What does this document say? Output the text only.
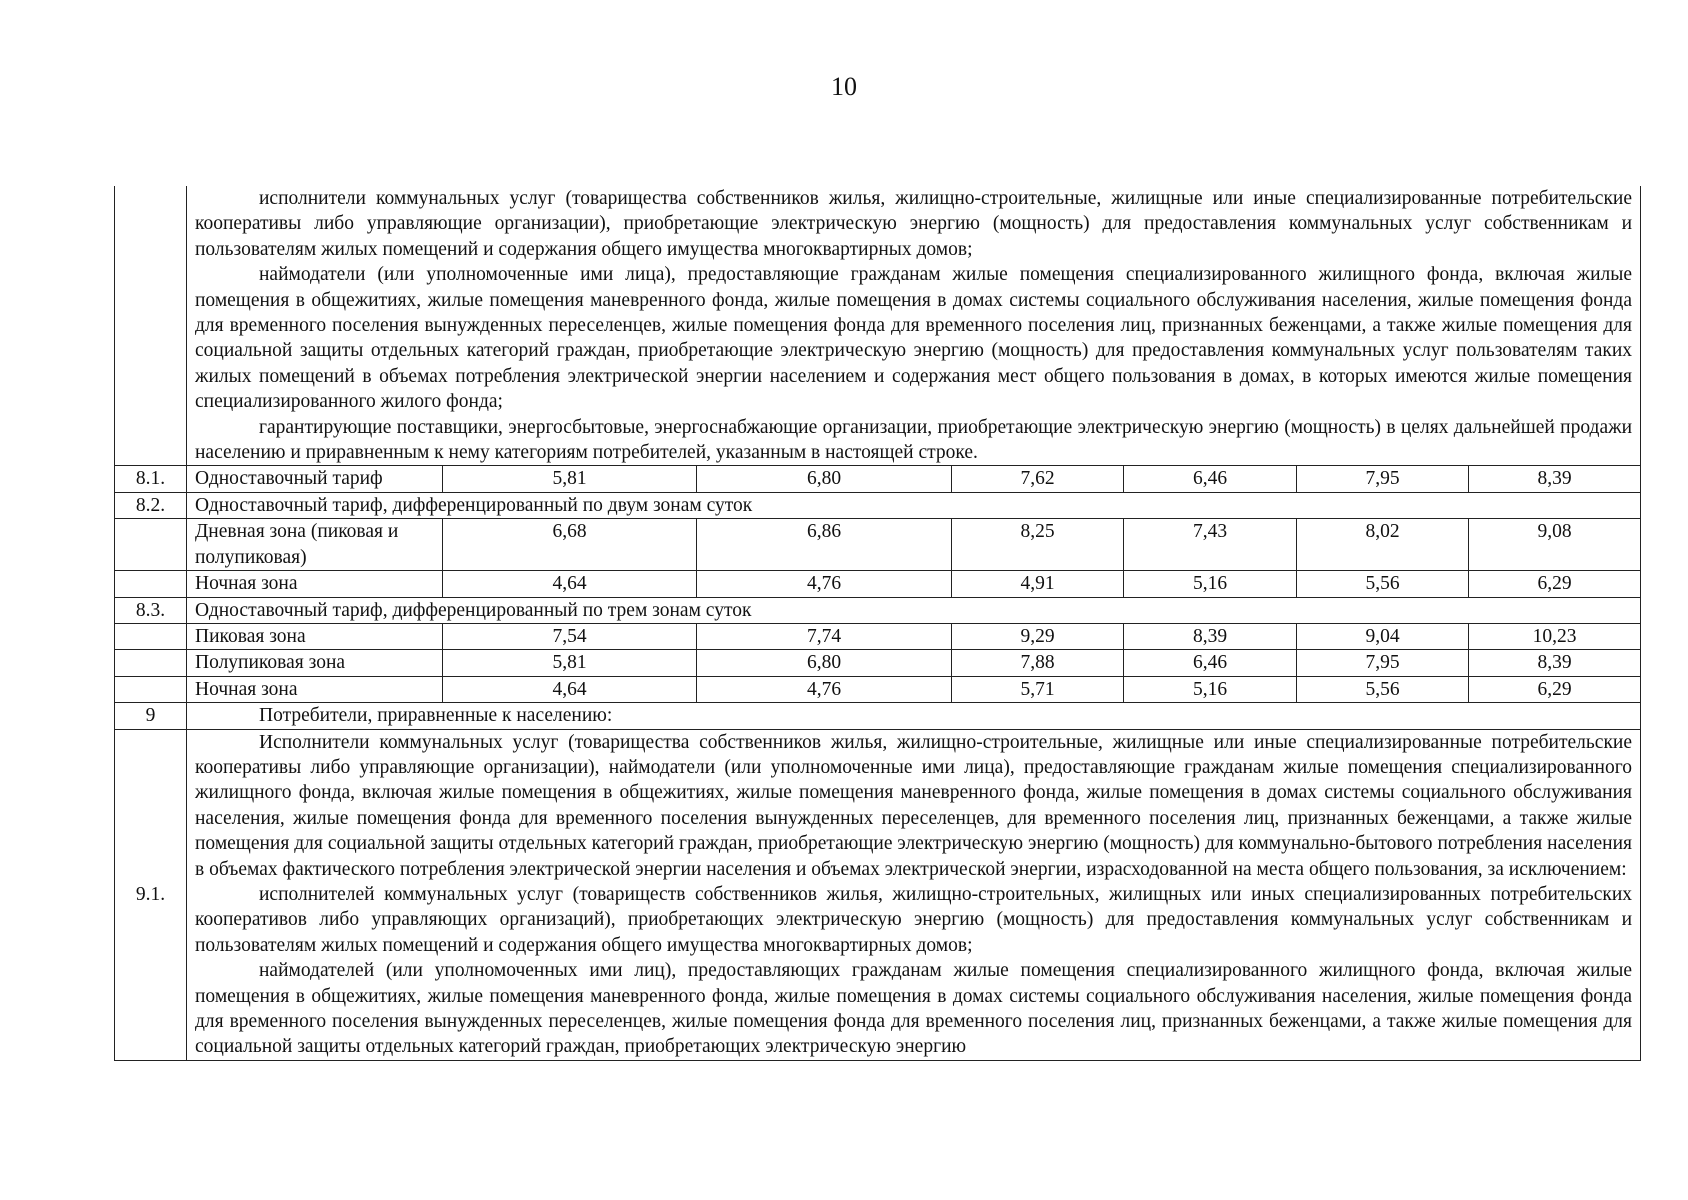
10

	исполнители коммунальных услуг (товарищества собственников жилья, жилищно-строительные, жилищные или иные специализированные потребительские кооперативы либо управляющие организации), приобретающие электрическую энергию (мощность) для предоставления коммунальных услуг собственникам и пользователям жилых помещений и содержания общего имущества многоквартирных домов;

наймодатели (или уполномоченные ими лица), предоставляющие гражданам жилые помещения специализированного жилищного фонда, включая жилые помещения в общежитиях, жилые помещения маневренного фонда, жилые помещения в домах системы социального обслуживания населения, жилые помещения фонда для временного поселения вынужденных переселенцев, жилые помещения фонда для временного поселения лиц, признанных беженцами, а также жилые помещения для социальной защиты отдельных категорий граждан, приобретающие электрическую энергию (мощность) для предоставления коммунальных услуг пользователям таких жилых помещений в объемах потребления электрической энергии населением и содержания мест общего пользования в домах, в которых имеются жилые помещения специализированного жилого фонда;

гарантирующие поставщики, энергосбытовые, энергоснабжающие организации, приобретающие электрическую энергию (мощность) в целях дальнейшей продажи населению и приравненным к нему категориям потребителей, указанным в настоящей строке.						

8.1.	Одноставочный тариф	5,81	6,80	7,62	6,46	7,95	8,39
8.2.	Одноставочный тариф, дифференцированный по двум зонам суток						
	Дневная зона (пиковая и полупиковая)	6,68	6,86	8,25	7,43	8,02	9,08
	Ночная зона	4,64	4,76	4,91	5,16	5,56	6,29
8.3.	Одноставочный тариф, дифференцированный по трем зонам суток						
	Пиковая зона	7,54	7,74	9,29	8,39	9,04	10,23
	Полупиковая зона	5,81	6,80	7,88	6,46	7,95	8,39
	Ночная зона	4,64	4,76	5,71	5,16	5,56	6,29
9	Потребители, приравненные к населению:						
9.1.	Исполнители коммунальных услуг (товарищества собственников жилья, жилищно-строительные, жилищные или иные специализированные потребительские кооперативы либо управляющие организации), наймодатели (или уполномоченные ими лица), предоставляющие гражданам жилые помещения специализированного жилищного фонда, включая жилые помещения в общежитиях, жилые помещения маневренного фонда, жилые помещения в домах системы социального обслуживания населения, жилые помещения фонда для временного поселения вынужденных переселенцев, для временного поселения лиц, признанных беженцами, а также жилые помещения для социальной защиты отдельных категорий граждан, приобретающие электрическую энергию (мощность) для коммунально-бытового потребления населения в объемах фактического потребления электрической энергии населения и объемах электрической энергии, израсходованной на места общего пользования, за исключением:

исполнителей коммунальных услуг (товариществ собственников жилья, жилищно-строительных, жилищных или иных специализированных потребительских кооперативов либо управляющих организаций), приобретающих электрическую энергию (мощность) для предоставления коммунальных услуг собственникам и пользователям жилых помещений и содержания общего имущества многоквартирных домов;

наймодателей (или уполномоченных ими лиц), предоставляющих гражданам жилые помещения специализированного жилищного фонда, включая жилые помещения в общежитиях, жилые помещения маневренного фонда, жилые помещения в домах системы социального обслуживания населения, жилые помещения фонда для временного поселения вынужденных переселенцев, жилые помещения фонда для временного поселения лиц, признанных беженцами, а также жилые помещения для социальной защиты отдельных категорий граждан, приобретающих электрическую энергию						
